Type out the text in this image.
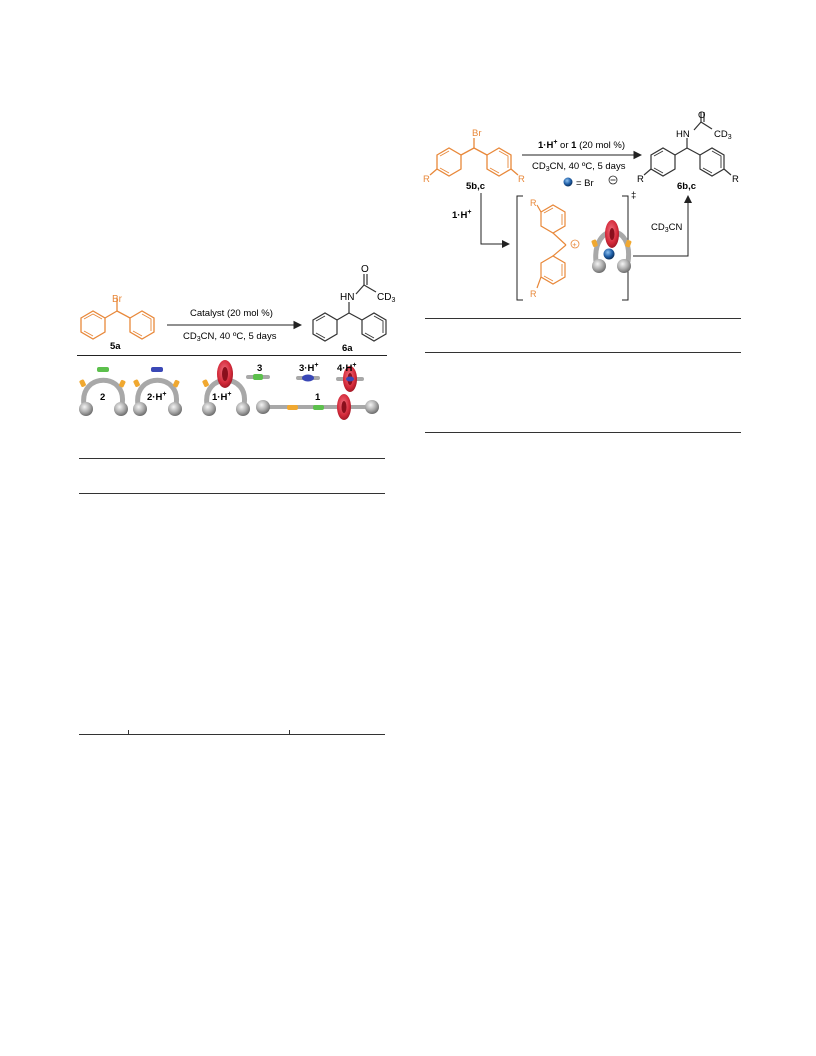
Br
5a
Catalyst (20 mol %)
$CD_3CN$, 40 ºC, 5 days
O
HN $CD_3$
6a
2	2·H+	1·H+
3	3·H+ 4·H+
1
Br
R	R
5b,c
1·H+ or 1 (20 mol %)
$CD_3CN$, 40 ºC, 5 days
= Br
O
HN	$CD_3$
R	R
6b,c
1·H+
‡
R
R
+
$CD_3CN$
